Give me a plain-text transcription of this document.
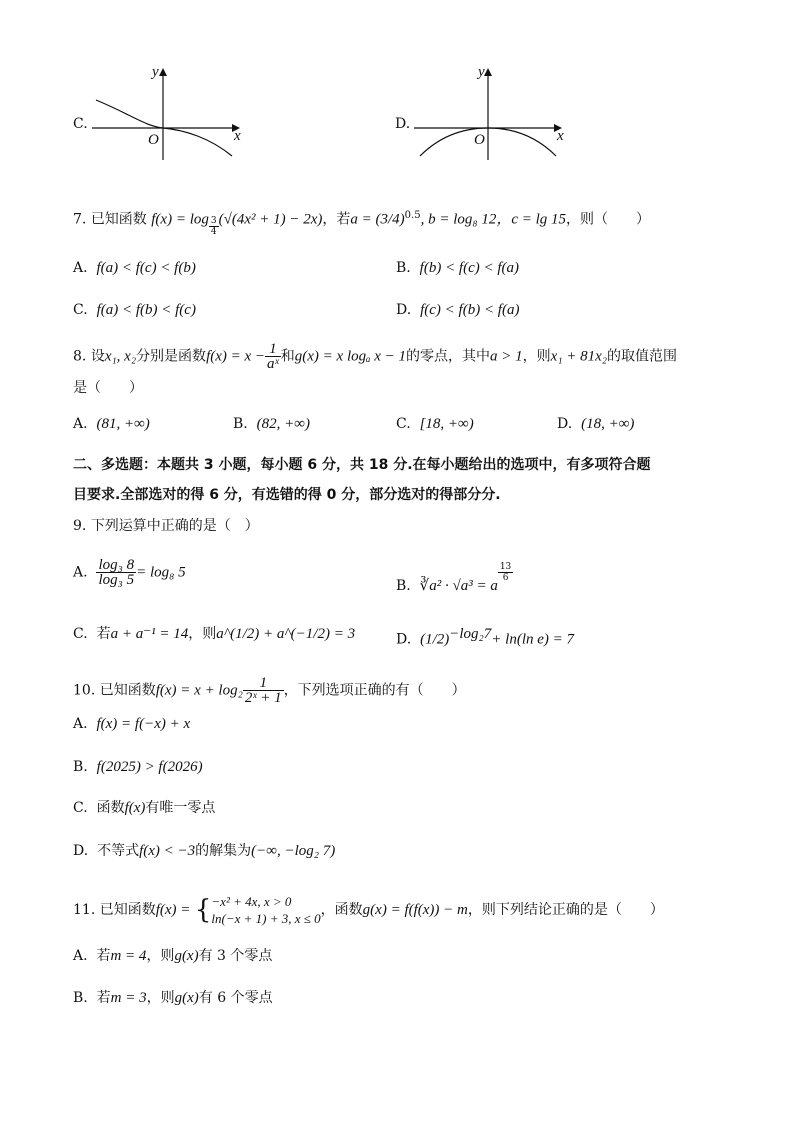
C.
y
x
O
D.
y
x
O
7. 已知函数 $f(x) = \log \frac{3}{4} (√(4x^2 + 1) - 2x)$，若$a = (3/4)^{0.5}$, b = log₈ 12，c = lg 15，则（　　）
A. f(a) < f(c) < f(b)	B. f(b) < f(c) < f(a)
C. f(a) < f(b) < f(c)	D. f(c) < f(b) < f(a)
8. 设x₁, x₂分别是函数$f(x) = x - \frac{1}{\text{aˣ}}$ 和g(x) = x logₐ x − 1的零点，其中a > 1，则x₁ + 81x₂的取值范围
是（　　）
A. (81, +∞)	B. (82, +∞)	C. [18, +∞)	D. (18, +∞)
二、多选题：本题共 3 小题，每小题 6 分，共 18 分.在每小题给出的选项中，有多项符合题
目要求.全部选对的得 6 分，有选错的得 0 分，部分选对的得部分分.
9. 下列运算中正确的是（　）
A. $\frac{\text{log₃ 8}}{\text{log₃ 5}} = \log_8$ 5
B. ∛a² · √a³ = a
$\frac{13}{6}$
C. 若a + a⁻¹ = 14，则a^(1/2) + a^(−1/2) = 3	D. $(1/2)^{-log_27}+ \ln(\ln$ e) = 7
10. 已知函数$f(x) = x + \log_2 \frac{1}{\text{2ˣ + 1}}$ ，下列选项正确的有（　　）
A. f(x) = f(−x) + x
B. f(2025) > f(2026)
C. 函数f(x)有唯一零点
D. 不等式f(x) < −3的解集为(−∞, −log₂ 7)
11. 已知函数f(x) = { −x² + 4x, x > 0
ln(−x + 1) + 3, x ≤ 0
，函数g(x) = f(f(x)) − m，则下列结论正确的是（　　）
A. 若m = 4，则g(x)有 3 个零点
B. 若m = 3，则g(x)有 6 个零点
